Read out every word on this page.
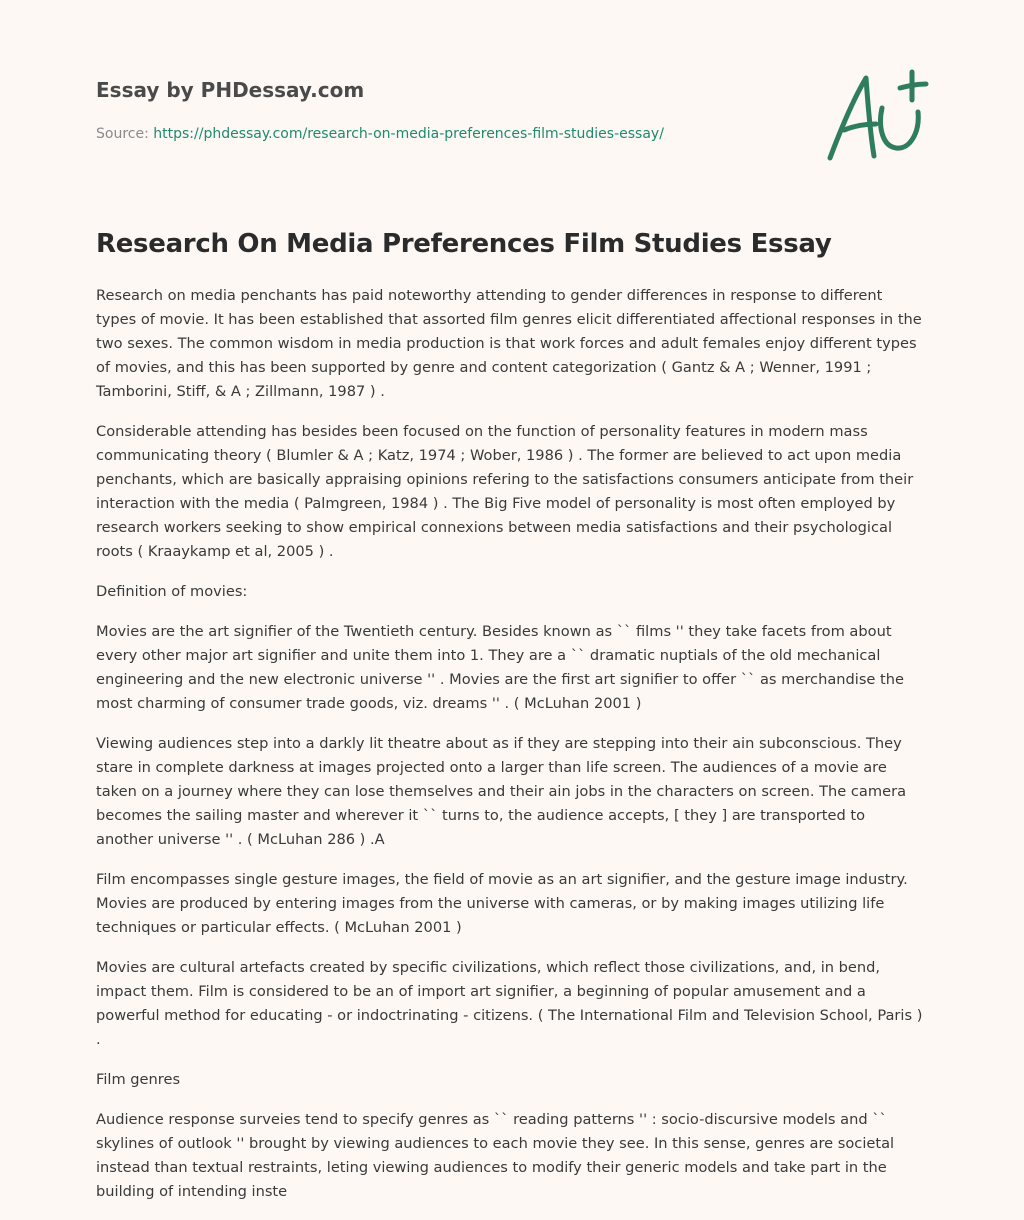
Essay by PHDessay.com
Source: https://phdessay.com/research-on-media-preferences-film-studies-essay/
Research On Media Preferences Film Studies Essay

Research on media penchants has paid noteworthy attending to gender differences in response to different types of movie. It has been established that assorted film genres elicit differentiated affectional responses in the two sexes. The common wisdom in media production is that work forces and adult females enjoy different types of movies, and this has been supported by genre and content categorization ( Gantz & A ; Wenner, 1991 ; Tamborini, Stiff, & A ; Zillmann, 1987 ) .

Considerable attending has besides been focused on the function of personality features in modern mass communicating theory ( Blumler & A ; Katz, 1974 ; Wober, 1986 ) . The former are believed to act upon media penchants, which are basically appraising opinions refering to the satisfactions consumers anticipate from their interaction with the media ( Palmgreen, 1984 ) . The Big Five model of personality is most often employed by research workers seeking to show empirical connexions between media satisfactions and their psychological roots ( Kraaykamp et al, 2005 ) .

Definition of movies:

Movies are the art signifier of the Twentieth century. Besides known as `` films '' they take facets from about every other major art signifier and unite them into 1. They are a `` dramatic nuptials of the old mechanical engineering and the new electronic universe '' . Movies are the first art signifier to offer `` as merchandise the most charming of consumer trade goods, viz. dreams '' . ( McLuhan 2001 )

Viewing audiences step into a darkly lit theatre about as if they are stepping into their ain subconscious. They stare in complete darkness at images projected onto a larger than life screen. The audiences of a movie are taken on a journey where they can lose themselves and their ain jobs in the characters on screen. The camera becomes the sailing master and wherever it `` turns to, the audience accepts, [ they ] are transported to another universe '' . ( McLuhan 286 ) .A

Film encompasses single gesture images, the field of movie as an art signifier, and the gesture image industry. Movies are produced by entering images from the universe with cameras, or by making images utilizing life techniques or particular effects. ( McLuhan 2001 )

Movies are cultural artefacts created by specific civilizations, which reflect those civilizations, and, in bend, impact them. Film is considered to be an of import art signifier, a beginning of popular amusement and a powerful method for educating - or indoctrinating - citizens. ( The International Film and Television School, Paris ) .

Film genres

Audience response surveies tend to specify genres as `` reading patterns '' : socio-discursive models and `` skylines of outlook '' brought by viewing audiences to each movie they see. In this sense, genres are societal instead than textual restraints, leting viewing audiences to modify their generic models and take part in the building of intending inste
